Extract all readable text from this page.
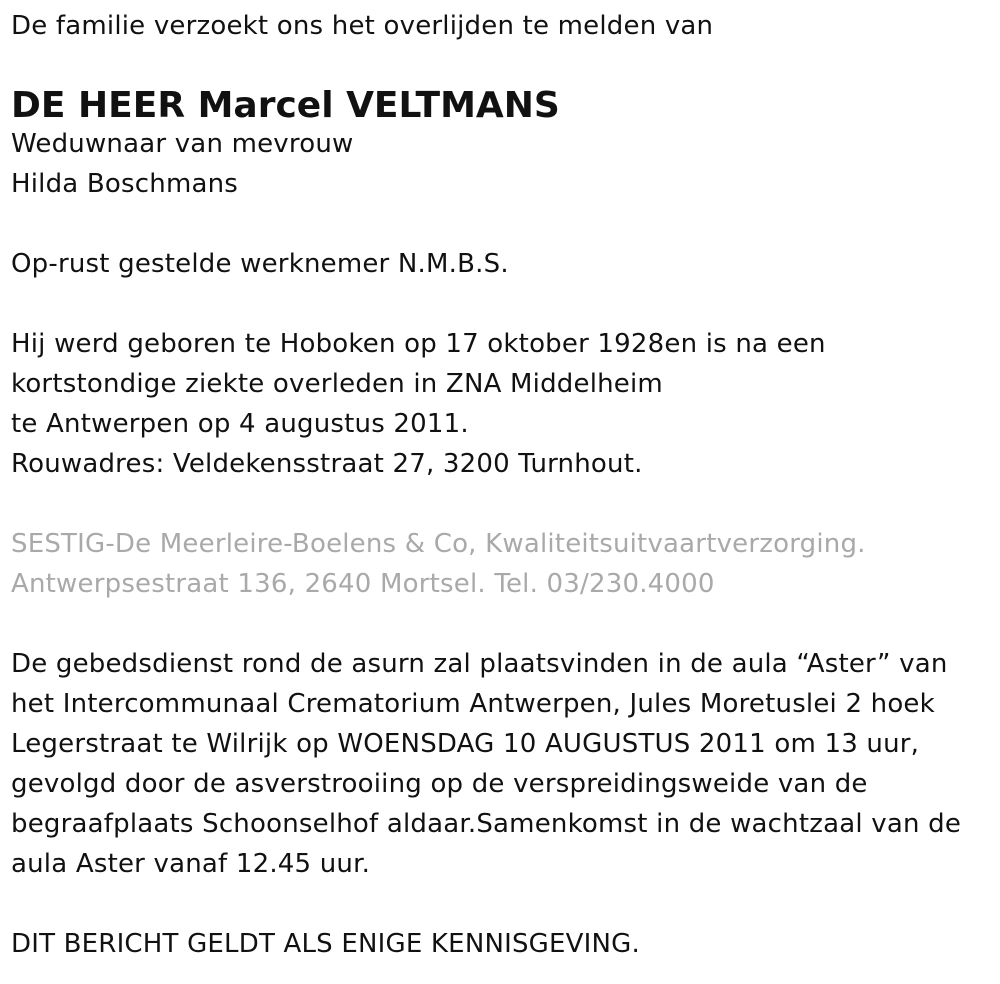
De familie verzoekt ons het overlijden te melden van
DE HEER Marcel VELTMANS
Weduwnaar van mevrouw
Hilda Boschmans
Op-rust gestelde werknemer N.M.B.S.
Hij werd geboren te Hoboken op 17 oktober 1928en is na een
kortstondige ziekte overleden in ZNA Middelheim
te Antwerpen op 4 augustus 2011.
Rouwadres: Veldekensstraat 27, 3200 Turnhout.
SESTIG-De Meerleire-Boelens & Co, Kwaliteitsuitvaartverzorging.
Antwerpsestraat 136, 2640 Mortsel. Tel. 03/230.4000
De gebedsdienst rond de asurn zal plaatsvinden in de aula “Aster” van
het Intercommunaal Crematorium Antwerpen, Jules Moretuslei 2 hoek
Legerstraat te Wilrijk op WOENSDAG 10 AUGUSTUS 2011 om 13 uur,
gevolgd door de asverstrooiing op de verspreidingsweide van de
begraafplaats Schoonselhof aldaar.Samenkomst in de wachtzaal van de
aula Aster vanaf 12.45 uur.
DIT BERICHT GELDT ALS ENIGE KENNISGEVING.
